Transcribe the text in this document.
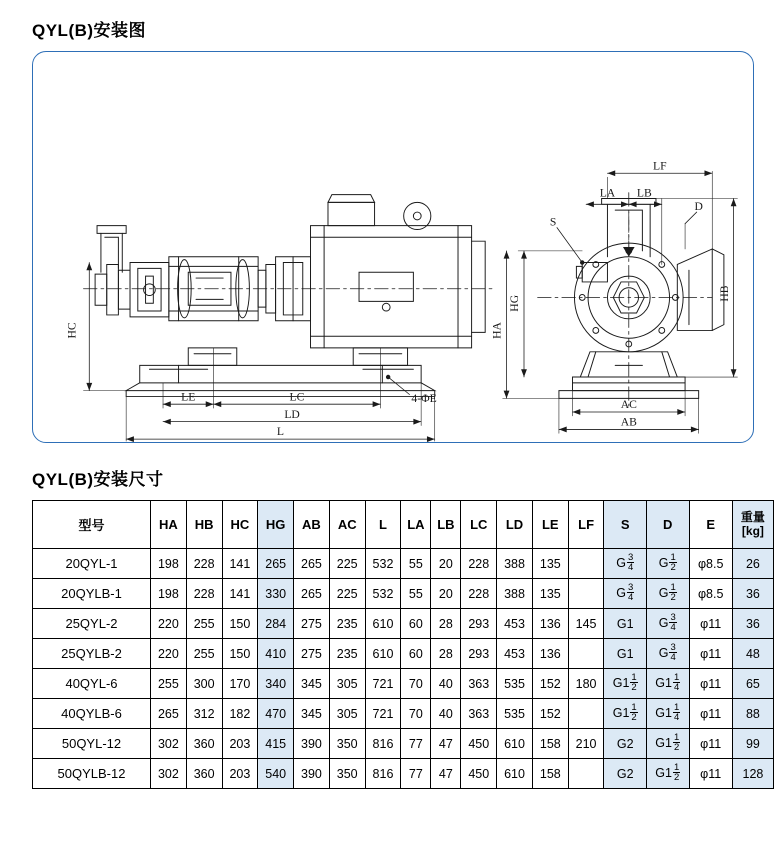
QYL(B)安装图
HC
LE	LC
LD
L
4-ΦE
LF
LA LB
D
S
HG
HA
HB
AC
AB
QYL(B)安装尺寸
型号	HA	HB	HC	HG	AB	AC	L	LA	LB	LC	LD	LE	LF	S	D	E	重量
[kg]

20QYL-1	198	228	141	265	265	225	532	55	20	228	388	135		G $\frac{3}{4}$	G $\frac{1}{2}$	φ8.5	26
20QYLB-1	198	228	141	330	265	225	532	55	20	228	388	135		G $\frac{3}{4}$	G $\frac{1}{2}$	φ8.5	36
25QYL-2	220	255	150	284	275	235	610	60	28	293	453	136	145	G1	G $\frac{3}{4}$	φ11	36
25QYLB-2	220	255	150	410	275	235	610	60	28	293	453	136		G1	G $\frac{3}{4}$	φ11	48
40QYL-6	255	300	170	340	345	305	721	70	40	363	535	152	180	$G1 \frac{1}{2}$	$G1 \frac{1}{4}$	φ11	65
40QYLB-6	265	312	182	470	345	305	721	70	40	363	535	152		$G1 \frac{1}{2}$	$G1 \frac{1}{4}$	φ11	88
50QYL-12	302	360	203	415	390	350	816	77	47	450	610	158	210	G2	$G1 \frac{1}{2}$	φ11	99
50QYLB-12	302	360	203	540	390	350	816	77	47	450	610	158		G2	$G1 \frac{1}{2}$	φ11	128
